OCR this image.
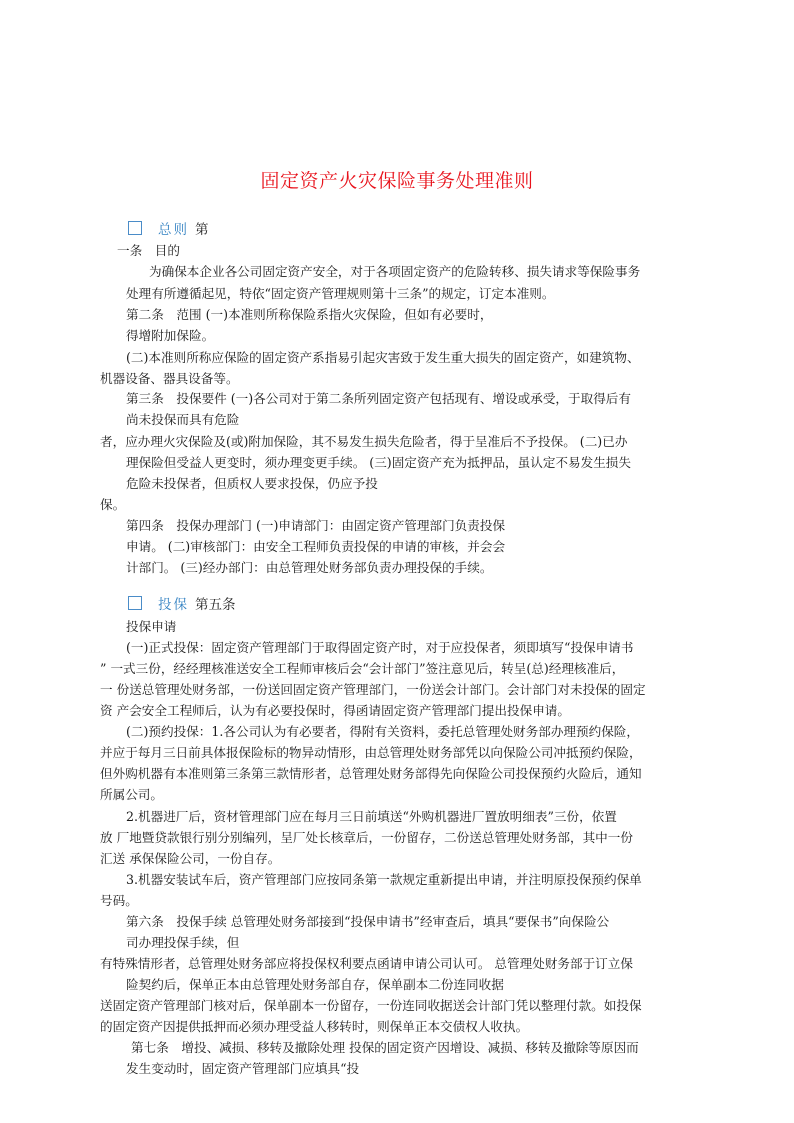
固定资产火灾保险事务处理准则
总则 第
一条　目的
为确保本企业各公司固定资产安全，对于各项固定资产的危险转移、损失请求等保险事务
处理有所遵循起见，特依“固定资产管理规则第十三条”的规定，订定本准则。
第二条　范围 (一)本准则所称保险系指火灾保险，但如有必要时，
得增附加保险。
(二)本准则所称应保险的固定资产系指易引起灾害致于发生重大损失的固定资产，如建筑物、
机器设备、器具设备等。
第三条　投保要件 (一)各公司对于第二条所列固定资产包括现有、增设或承受，于取得后有
尚未投保而具有危险
者，应办理火灾保险及(或)附加保险，其不易发生损失危险者，得于呈准后不予投保。 (二)已办
理保险但受益人更变时，须办理变更手续。 (三)固定资产充为抵押品，虽认定不易发生损失
危险未投保者，但质权人要求投保，仍应予投
保。
第四条　投保办理部门 (一)申请部门：由固定资产管理部门负责投保
申请。 (二)审核部门：由安全工程师负责投保的申请的审核，并会会
计部门。 (三)经办部门：由总管理处财务部负责办理投保的手续。
投保 第五条
投保申请
(一)正式投保：固定资产管理部门于取得固定资产时，对于应投保者，须即填写“投保申请书
” 一式三份，经经理核准送安全工程师审核后会“会计部门”签注意见后，转呈(总)经理核准后，
一 份送总管理处财务部，一份送回固定资产管理部门，一份送会计部门。会计部门对未投保的固定
资 产会安全工程师后，认为有必要投保时，得函请固定资产管理部门提出投保申请。
(二)预约投保：1.各公司认为有必要者，得附有关资料，委托总管理处财务部办理预约保险，
并应于每月三日前具体报保险标的物异动情形，由总管理处财务部凭以向保险公司冲抵预约保险，
但外购机器有本准则第三条第三款情形者，总管理处财务部得先向保险公司投保预约火险后，通知
所属公司。
2.机器进厂后，资材管理部门应在每月三日前填送“外购机器进厂置放明细表”三份，依置
放 厂地暨贷款银行别分别编列，呈厂处长核章后，一份留存，二份送总管理处财务部，其中一份
汇送 承保保险公司，一份自存。
3.机器安装试车后，资产管理部门应按同条第一款规定重新提出申请，并注明原投保预约保单
号码。
第六条　投保手续 总管理处财务部接到“投保申请书”经审查后，填具“要保书”向保险公
司办理投保手续，但
有特殊情形者，总管理处财务部应将投保权利要点函请申请公司认可。 总管理处财务部于订立保
险契约后，保单正本由总管理处财务部自存，保单副本二份连同收据
送固定资产管理部门核对后，保单副本一份留存，一份连同收据送会计部门凭以整理付款。如投保
的固定资产因提供抵押而必须办理受益人移转时，则保单正本交债权人收执。
第七条　增投、减损、移转及撤除处理 投保的固定资产因增设、减损、移转及撤除等原因而
发生变动时，固定资产管理部门应填具“投
